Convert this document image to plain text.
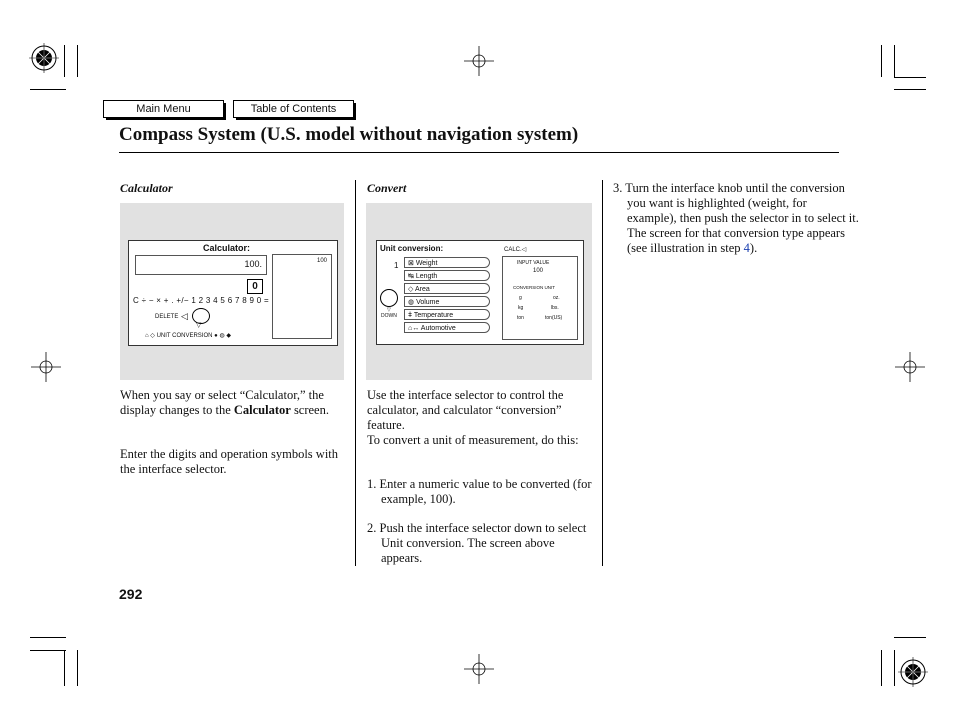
Main Menu	Table of Contents
Compass System (U.S. model without navigation system)
Calculator
Calculator:
100.	100
0
C ÷ − × + . +/− 1 2 3 4 5 6 7 8 9 0 =
DELETE ◁
▽
⌂ ◇ UNIT CONVERSION ● ◍ ◆
When you say or select “Calculator,” the display changes to the Calculator screen.
Enter the digits and operation symbols with the interface selector.
Convert
Unit conversion:	CALC.◁
1
▽
DOWN
⊠ Weight
↹ Length
◇ Area
◍ Volume
ǂ Temperature
⌂↔ Automotive
INPUT VALUE
100
CONVERSION UNIT
g	oz.
kg	lbs.
ton	ton(US)
Use the interface selector to control the calculator, and calculator “conversion” feature.
To convert a unit of measurement, do this:
1. Enter a numeric value to be converted (for example, 100).
2. Push the interface selector down to select Unit conversion. The screen above appears.
3. Turn the interface knob until the conversion you want is highlighted (weight, for example), then push the selector in to select it. The screen for that conversion type appears (see illustration in step 4).
292
